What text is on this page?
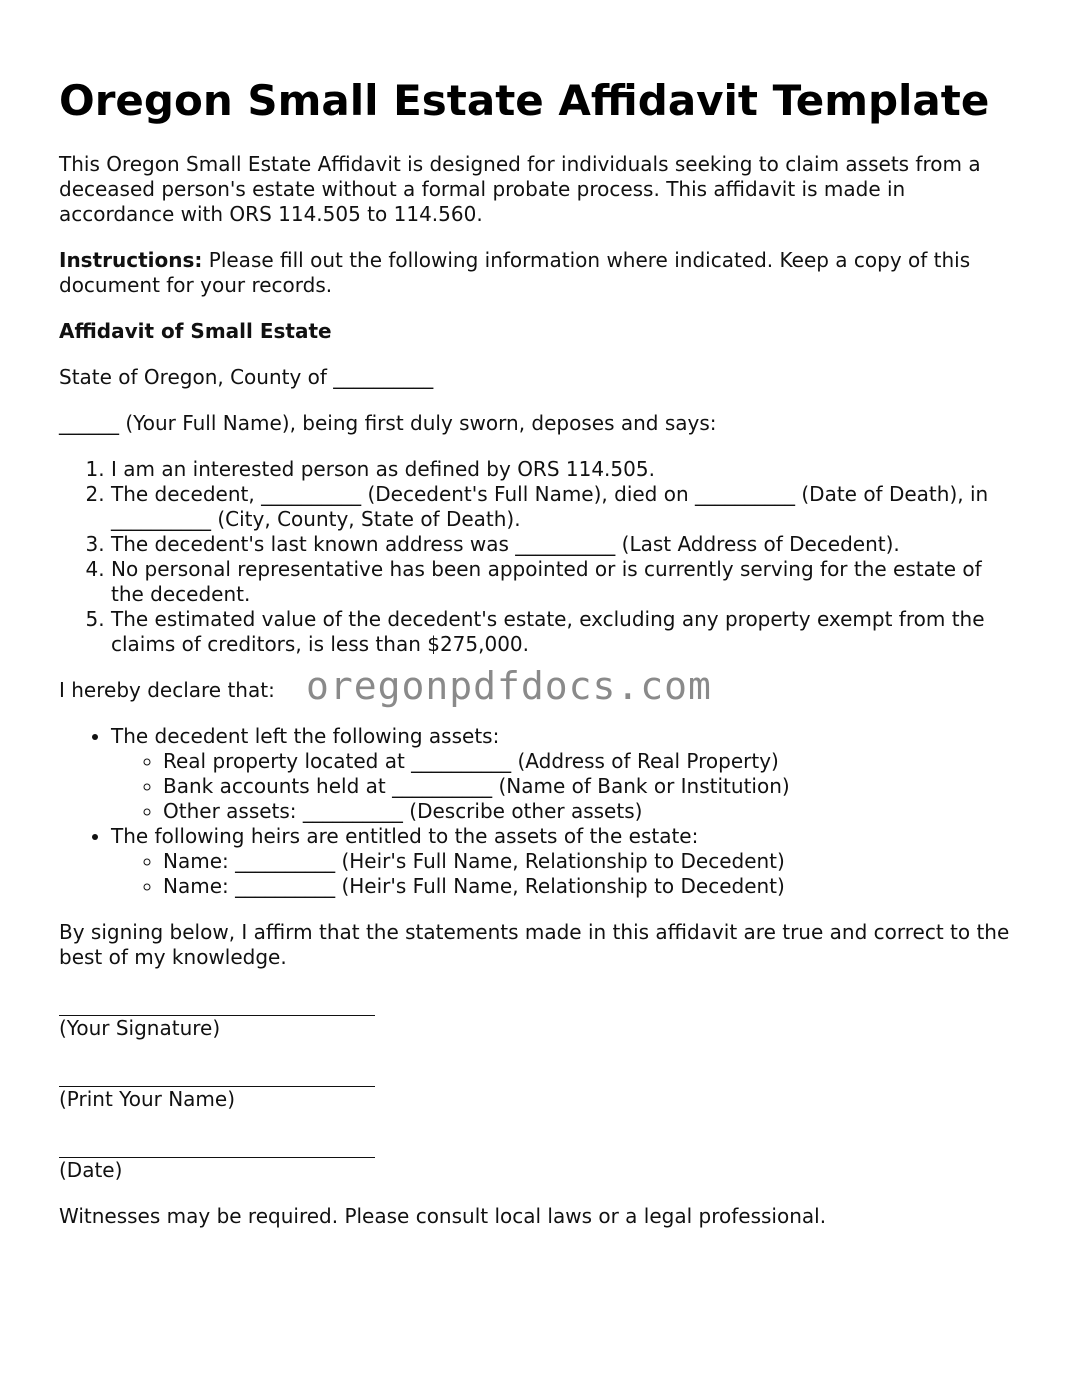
Oregon Small Estate Affidavit Template

This Oregon Small Estate Affidavit is designed for individuals seeking to claim assets from a deceased person's estate without a formal probate process. This affidavit is made in accordance with ORS 114.505 to 114.560.

Instructions: Please fill out the following information where indicated. Keep a copy of this document for your records.

Affidavit of Small Estate

State of Oregon, County of __________

______ (Your Full Name), being first duly sworn, deposes and says:

1. I am an interested person as defined by ORS 114.505.
2. The decedent, __________ (Decedent's Full Name), died on __________ (Date of Death), in __________ (City, County, State of Death).
3. The decedent's last known address was __________ (Last Address of Decedent).
4. No personal representative has been appointed or is currently serving for the estate of the decedent.
5. The estimated value of the decedent's estate, excluding any property exempt from the claims of creditors, is less than $275,000.
I hereby declare that: oregonpdfdocs.com
• The decedent left the following assets:
◦ Real property located at __________ (Address of Real Property)
◦ Bank accounts held at __________ (Name of Bank or Institution)
◦ Other assets: __________ (Describe other assets)
• The following heirs are entitled to the assets of the estate:
◦ Name: __________ (Heir's Full Name, Relationship to Decedent)
◦ Name: __________ (Heir's Full Name, Relationship to Decedent)

By signing below, I affirm that the statements made in this affidavit are true and correct to the best of my knowledge.

(Your Signature)
(Print Your Name)
(Date)

Witnesses may be required. Please consult local laws or a legal professional.
